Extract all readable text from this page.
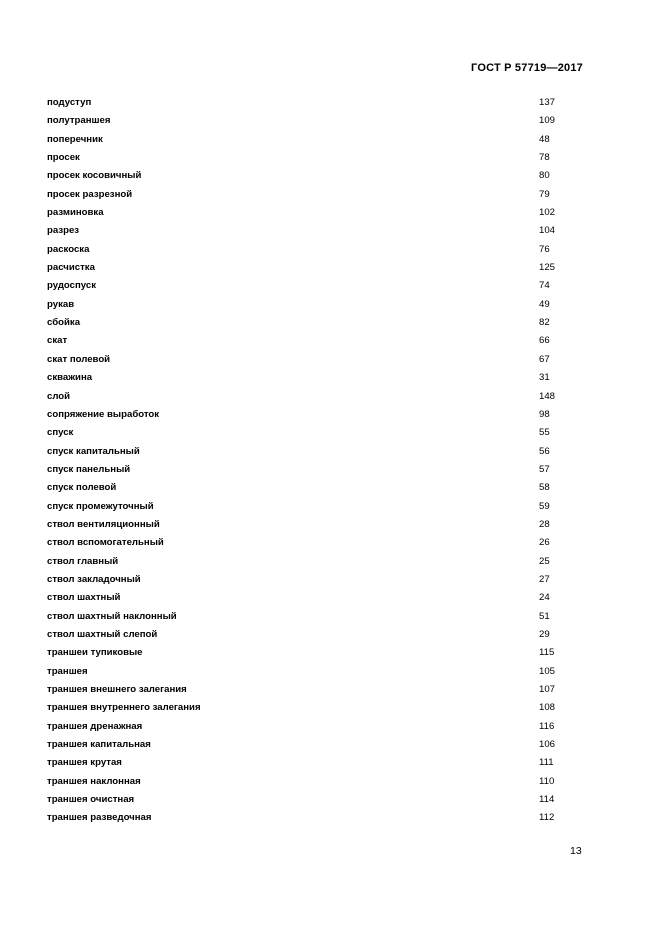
ГОСТ Р 57719—2017
подуступ	137
полутраншея	109
поперечник	48
просек	78
просек косовичный	80
просек разрезной	79
разминовка	102
разрез	104
раскоска	76
расчистка	125
рудоспуск	74
рукав	49
сбойка	82
скат	66
скат полевой	67
скважина	31
слой	148
сопряжение выработок	98
спуск	55
спуск капитальный	56
спуск панельный	57
спуск полевой	58
спуск промежуточный	59
ствол вентиляционный	28
ствол вспомогательный	26
ствол главный	25
ствол закладочный	27
ствол шахтный	24
ствол шахтный наклонный	51
ствол шахтный слепой	29
траншеи тупиковые	115
траншея	105
траншея внешнего залегания	107
траншея внутреннего залегания	108
траншея дренажная	116
траншея капитальная	106
траншея крутая	111
траншея наклонная	110
траншея очистная	114
траншея разведочная	112
13
